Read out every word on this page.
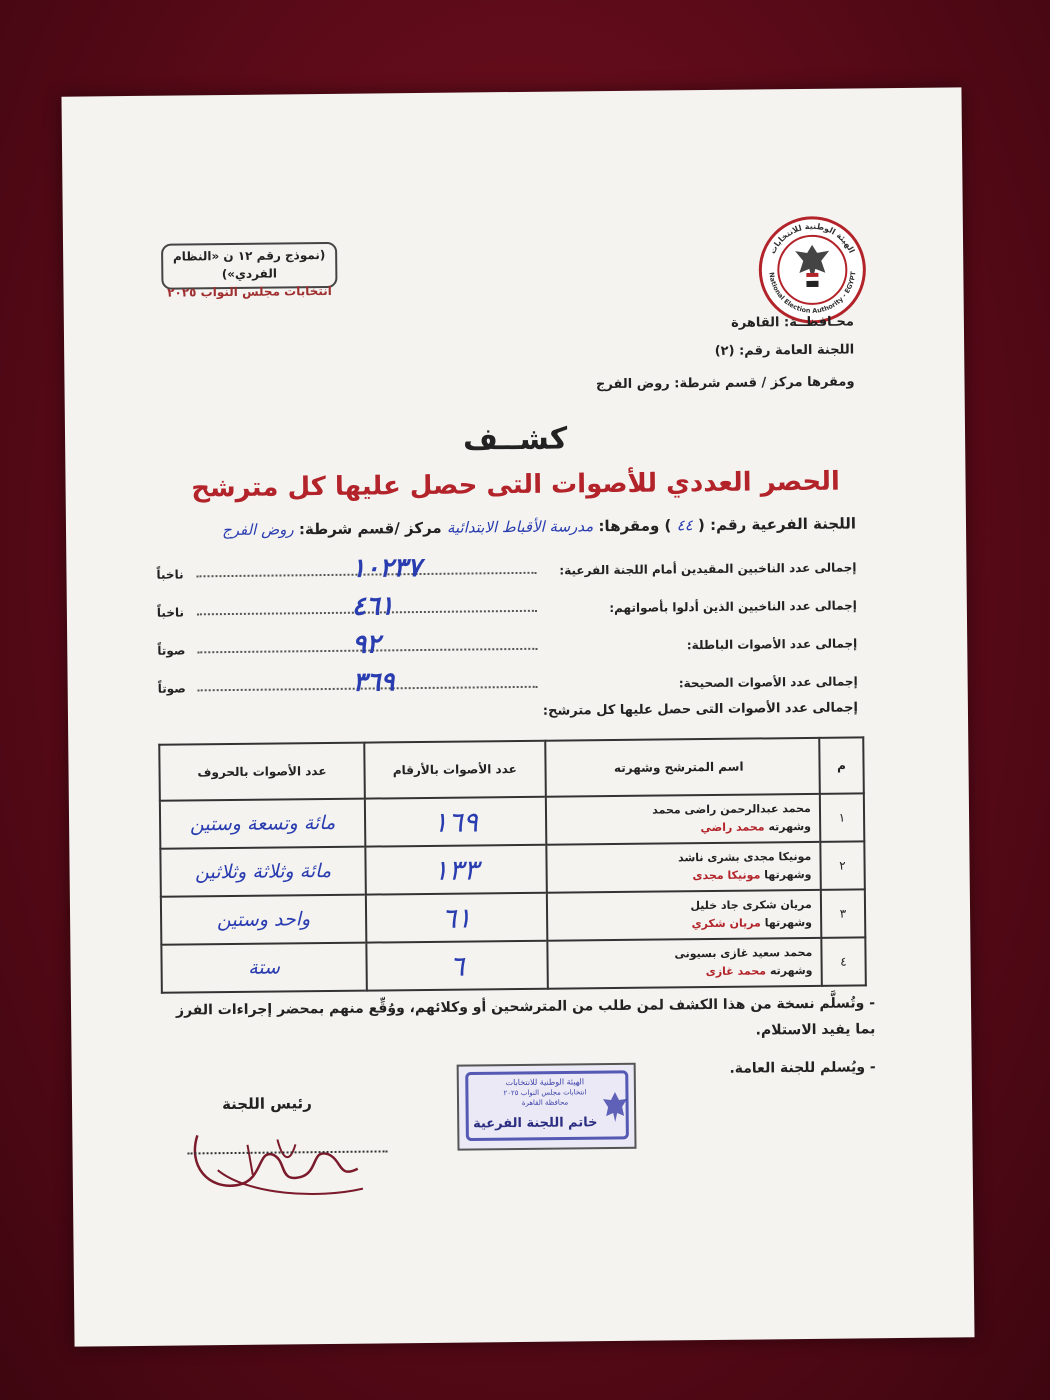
(نموذج رقم ١٢ ن «النظام الفردي»)
انتخابات مجلس النواب ٢٠٢٥
الهيئة الوطنية للانتخابات
National Election Authority - EGYPT
محـافظــة: القاهرة
اللجنة العامة رقم: (٢)
ومقرها مركز / قسم شرطة: روض الفرج
كشــف
الحصر العددي للأصوات التى حصل عليها كل مترشح
اللجنة الفرعية رقم: ( ٤٤ ) ومقرها: مدرسة الأقباط الابتدائية مركز /قسم شرطة: روض الفرج
إجمالى عدد الناخبين المقيدين أمام اللجنة الفرعية:
١٠٢٣٧
ناخباً
إجمالى عدد الناخبين الذين أدلوا بأصواتهم:
٤٦١
ناخباً
إجمالى عدد الأصوات الباطلة:
٩٢
صوتاً
إجمالى عدد الأصوات الصحيحة:
٣٦٩
صوتاً
إجمالى عدد الأصوات التى حصل عليها كل مترشح:
م	اسم المترشح وشهرته	عدد الأصوات بالأرقام	عدد الأصوات بالحروف
١	محمد عبدالرحمن راضى محمد
وشهرته محمد راضي	١٦٩	مائة وتسعة وستين
٢	مونيكا مجدى بشرى ناشد
وشهرتها مونيكا مجدى	١٣٣	مائة وثلاثة وثلاثين
٣	مريان شكرى جاد خليل
وشهرتها مريان شكري	٦١	واحد وستين
٤	محمد سعيد غازى بسيونى
وشهرته محمد غازى	٦	ستة
- وتُسلَّم نسخة من هذا الكشف لمن طلب من المترشحين أو وكلائهم، ووُقِّع منهم بمحضر إجراءات الفرز بما يفيد الاستلام.
- ويُسلم للجنة العامة.
رئيس اللجنة
الهيئة الوطنية للانتخابات
انتخابات مجلس النواب ٢٠٢٥
محافظة القاهرة
خاتم اللجنة الفرعية
